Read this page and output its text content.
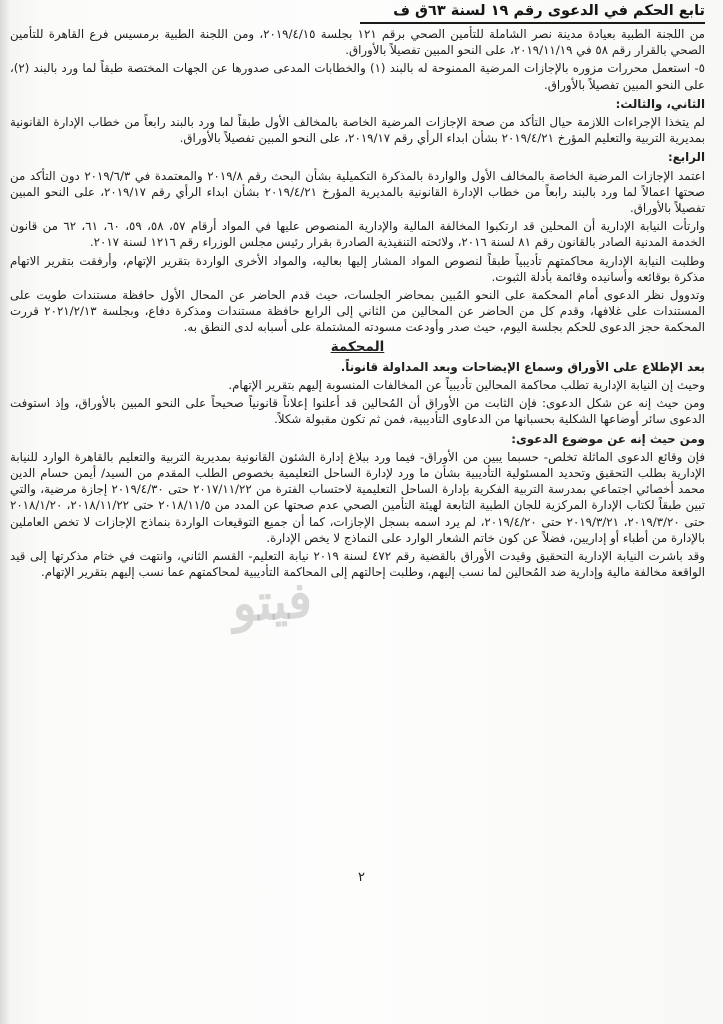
تابع الحكم في الدعوى رقم ١٩ لسنة ٦٣ق ف

من اللجنة الطبية بعيادة مدينة نصر الشاملة للتأمين الصحي برقم ١٢١ بجلسة ٢٠١٩/٤/١٥، ومن اللجنة الطبية برمسيس فرع القاهرة للتأمين الصحي بالقرار رقم ٥٨ في ٢٠١٩/١١/١٩، على النحو المبين تفصيلاً بالأوراق.

٥- استعمل محررات مزوره بالإجازات المرضية الممنوحة له بالبند (١) والخطابات المدعى صدورها عن الجهات المختصة طبقاً لما ورد بالبند (٢)، على النحو المبين تفصيلاً بالأوراق.

الثاني، والثالث:

لم يتخذا الإجراءات اللازمة حيال التأكد من صحة الإجازات المرضية الخاصة بالمخالف الأول طبقاً لما ورد بالبند رابعاً من خطاب الإدارة القانونية بمديرية التربية والتعليم المؤرخ ٢٠١٩/٤/٢١ بشأن ابداء الرأي رقم ٢٠١٩/١٧، على النحو المبين تفصيلاً بالأوراق.

الرابع:

اعتمد الإجازات المرضية الخاصة بالمخالف الأول والواردة بالمذكرة التكميلية بشأن البحث رقم ٢٠١٩/٨ والمعتمدة في ٢٠١٩/٦/٣ دون التأكد من صحتها اعمالاً لما ورد بالبند رابعاً من خطاب الإدارة القانونية بالمديرية المؤرخ ٢٠١٩/٤/٢١ بشأن ابداء الرأي رقم ٢٠١٩/١٧، على النحو المبين تفصيلاً بالأوراق.

وارتأت النيابة الإدارية أن المحلين قد ارتكبوا المخالفة المالية والإدارية المنصوص عليها في المواد أرقام ٥٧، ٥٨، ٥٩، ٦٠، ٦١، ٦٢ من قانون الخدمة المدنية الصادر بالقانون رقم ٨١ لسنة ٢٠١٦، ولائحته التنفيذية الصادرة بقرار رئيس مجلس الوزراء رقم ١٢١٦ لسنة ٢٠١٧.

وطلبت النيابة الإدارية محاكمتهم تأديبياً طبقاً لنصوص المواد المشار إليها بعاليه، والمواد الأخرى الواردة بتقرير الإتهام، وأرفقت بتقرير الاتهام مذكرة بوقائعه وأسانيده وقائمة بأدلة الثبوت.

وتدوول نظر الدعوى أمام المحكمة على النحو المُبين بمحاضر الجلسات، حيث قدم الحاضر عن المحال الأول حافظة مستندات طويت على المستندات على غلافها، وقدم كل من الحاضر عن المحالين من الثاني إلى الرابع حافظة مستندات ومذكرة دفاع، وبجلسة ٢٠٢١/٢/١٣ قررت المحكمة حجز الدعوى للحكم بجلسة اليوم، حيث صدر وأودعت مسودته المشتملة على أسبابه لدى النطق به.

المحكمة

بعد الإطلاع على الأوراق وسماع الإيضاحات وبعد المداولة قانوناً.

وحيث إن النيابة الإدارية تطلب محاكمة المحالين تأديبياً عن المخالفات المنسوبة إليهم بتقرير الإتهام.

ومن حيث إنه عن شكل الدعوى: فإن الثابت من الأوراق أن المُحالين قد أعلنوا إعلاناً قانونياً صحيحاً على النحو المبين بالأوراق، وإذ استوفت الدعوى سائر أوضاعها الشكلية بحسبانها من الدعاوى التأديبية، فمن ثم تكون مقبولة شكلاً.

ومن حيث إنه عن موضوع الدعوى:

فإن وقائع الدعوى الماثلة تخلص- حسبما يبين من الأوراق- فيما ورد ببلاغ إدارة الشئون القانونية بمديرية التربية والتعليم بالقاهرة الوارد للنيابة الإدارية بطلب التحقيق وتحديد المسئولية التأديبية بشأن ما ورد لإدارة الساحل التعليمية بخصوص الطلب المقدم من السيد/ أيمن حسام الدين محمد أخصائي اجتماعي بمدرسة التربية الفكرية بإدارة الساحل التعليمية لاحتساب الفترة من ٢٠١٧/١١/٢٢ حتى ٢٠١٩/٤/٣٠ إجازة مرضية، والتي تبين طبقاً لكتاب الإدارة المركزية للجان الطبية التابعة لهيئة التأمين الصحي عدم صحتها عن المدد من ٢٠١٨/١١/٥ حتى ٢٠١٨/١١/٢٢، ٢٠١٨/١/٢٠ حتى ٢٠١٩/٣/٢٠، ٢٠١٩/٣/٢١ حتى ٢٠١٩/٤/٢٠، لم يرد اسمه بسجل الإجازات، كما أن جميع التوقيعات الواردة بنماذج الإجازات لا تخص العاملين بالإدارة من أطباء أو إداريين، فضلاً عن كون خاتم الشعار الوارد على النماذج لا يخص الإدارة.

وقد باشرت النيابة الإدارية التحقيق وقيدت الأوراق بالقضية رقم ٤٧٢ لسنة ٢٠١٩ نيابة التعليم- القسم الثاني، وانتهت في ختام مذكرتها إلى قيد الواقعة مخالفة مالية وإدارية ضد المُحالين لما نسب إليهم، وطلبت إحالتهم إلى المحاكمة التأديبية لمحاكمتهم عما نسب إليهم بتقرير الإتهام.

فيتو
٢
